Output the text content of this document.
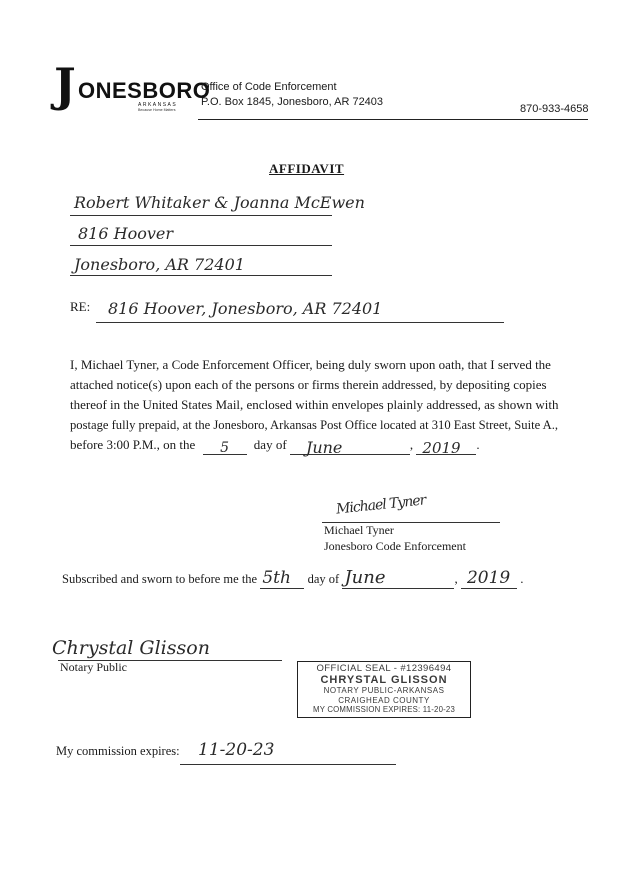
J ONESBORO
ARKANSAS
Because Home Matters
Office of Code Enforcement
P.O. Box 1845, Jonesboro, AR 72403
870-933-4658
AFFIDAVIT
Robert Whitaker & Joanna McEwen
816 Hoover
Jonesboro, AR 72401
RE: 816 Hoover, Jonesboro, AR 72401
I, Michael Tyner, a Code Enforcement Officer, being duly sworn upon oath, that I served the
attached notice(s) upon each of the persons or firms therein addressed, by depositing copies
thereof in the United States Mail, enclosed within envelopes plainly addressed, as shown with
postage fully prepaid, at the Jonesboro, Arkansas Post Office located at 310 East Street, Suite A.,
before 3:00 P.M., on the 5 day of June	, 2019 .
Michael Tyner
Michael Tyner
Jonesboro Code Enforcement
Subscribed and sworn to before me the 5th day of June	, 2019 .
Chrystal Glisson
Notary Public	OFFICIAL SEAL - #12396494
CHRYSTAL GLISSON
NOTARY PUBLIC-ARKANSAS
CRAIGHEAD COUNTY
MY COMMISSION EXPIRES: 11-20-23
My commission expires: 11-20-23
